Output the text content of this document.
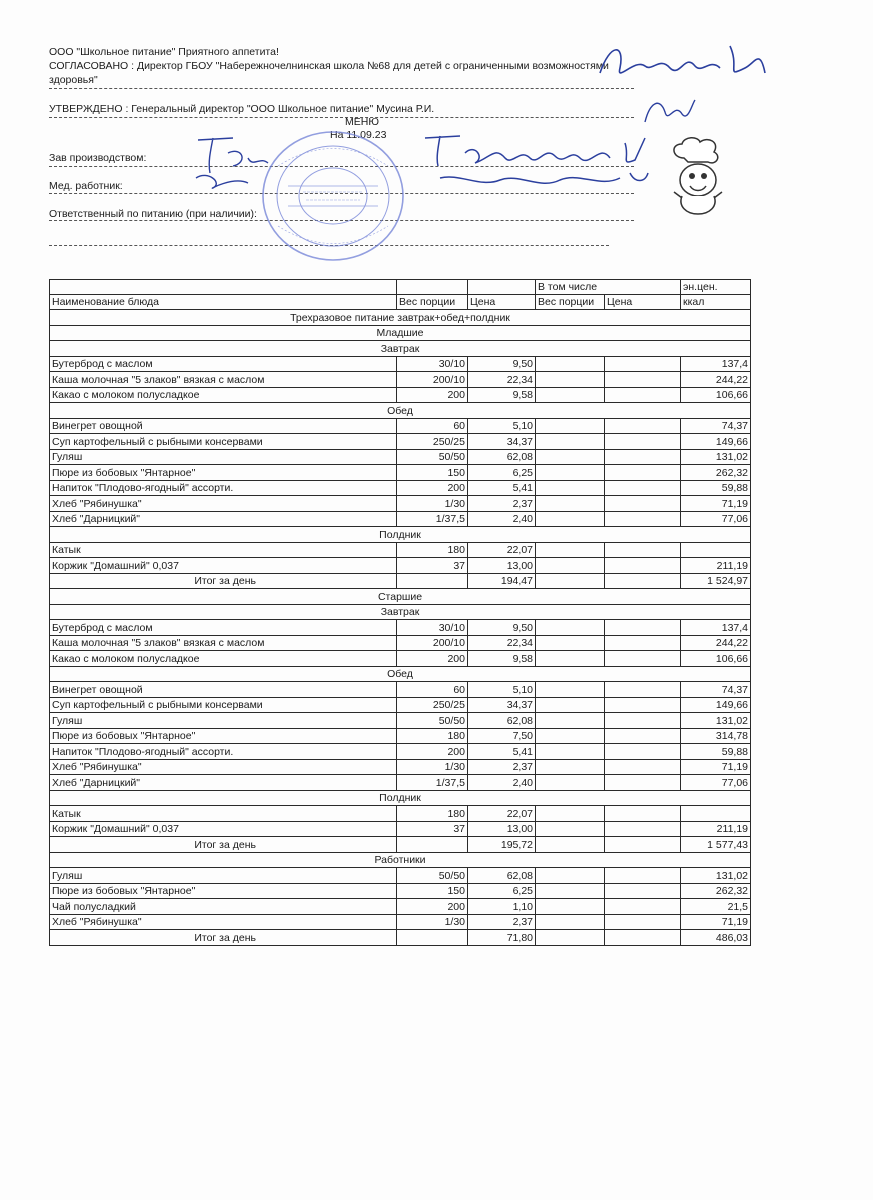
ООО "Школьное питание" Приятного аппетита!
СОГЛАСОВАНО : Директор ГБОУ "Набережночелнинская школа №68 для детей с ограниченными возможностями
здоровья"
УТВЕРЖДЕНО : Генеральный директор "ООО Школьное питание" Мусина Р.И.
МЕНЮ
На 11.09.23
Зав производством:
Мед. работник:
Ответственный по питанию (при наличии):
			В том числе		эн.цен.
Наименование блюда	Вес порции	Цена	Вес порции	Цена	ккал
Трехразовое питание завтрак+обед+полдник					
Младшие					
Завтрак					
Бутерброд с маслом	30/10	9,50			137,4
Каша молочная "5 злаков" вязкая с маслом	200/10	22,34			244,22
Какао с молоком полусладкое	200	9,58			106,66
Обед					
Винегрет овощной	60	5,10			74,37
Суп картофельный с рыбными консервами	250/25	34,37			149,66
Гуляш	50/50	62,08			131,02
Пюре из бобовых "Янтарное"	150	6,25			262,32
Напиток "Плодово-ягодный" ассорти.	200	5,41			59,88
Хлеб "Рябинушка"	1/30	2,37			71,19
Хлеб "Дарницкий"	1/37,5	2,40			77,06
Полдник					
Катык	180	22,07			
Коржик "Домашний" 0,037	37	13,00			211,19
Итог за день		194,47			1 524,97
Старшие					
Завтрак					
Бутерброд с маслом	30/10	9,50			137,4
Каша молочная "5 злаков" вязкая с маслом	200/10	22,34			244,22
Какао с молоком полусладкое	200	9,58			106,66
Обед					
Винегрет овощной	60	5,10			74,37
Суп картофельный с рыбными консервами	250/25	34,37			149,66
Гуляш	50/50	62,08			131,02
Пюре из бобовых "Янтарное"	180	7,50			314,78
Напиток "Плодово-ягодный" ассорти.	200	5,41			59,88
Хлеб "Рябинушка"	1/30	2,37			71,19
Хлеб "Дарницкий"	1/37,5	2,40			77,06
Полдник					
Катык	180	22,07			
Коржик "Домашний" 0,037	37	13,00			211,19
Итог за день		195,72			1 577,43
Работники					
Гуляш	50/50	62,08			131,02
Пюре из бобовых "Янтарное"	150	6,25			262,32
Чай полусладкий	200	1,10			21,5
Хлеб "Рябинушка"	1/30	2,37			71,19
Итог за день		71,80			486,03
